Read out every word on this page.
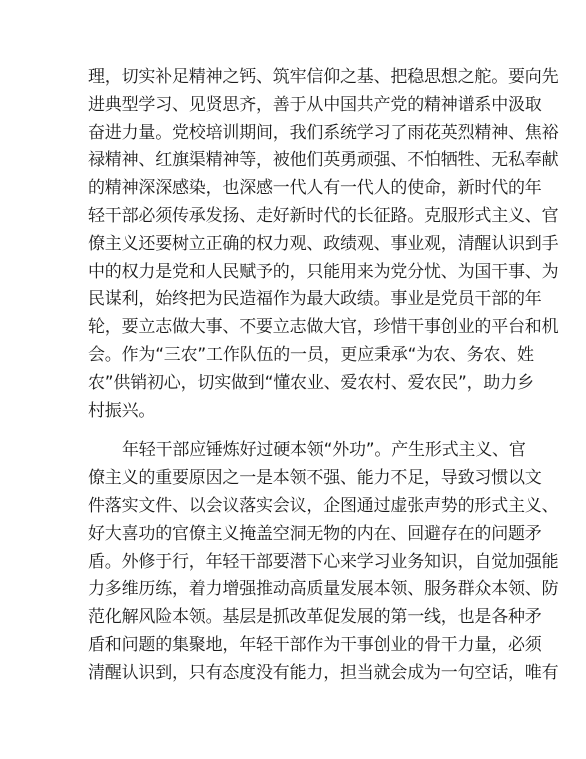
理，切实补足精神之钙、筑牢信仰之基、把稳思想之舵。要向先
进典型学习、见贤思齐，善于从中国共产党的精神谱系中汲取
奋进力量。党校培训期间，我们系统学习了雨花英烈精神、焦裕
禄精神、红旗渠精神等，被他们英勇顽强、不怕牺牲、无私奉献
的精神深深感染，也深感一代人有一代人的使命，新时代的年
轻干部必须传承发扬、走好新时代的长征路。克服形式主义、官
僚主义还要树立正确的权力观、政绩观、事业观，清醒认识到手
中的权力是党和人民赋予的，只能用来为党分忧、为国干事、为
民谋利，始终把为民造福作为最大政绩。事业是党员干部的年
轮，要立志做大事、不要立志做大官，珍惜干事创业的平台和机
会。作为“三农”工作队伍的一员，更应秉承“为农、务农、姓
农”供销初心，切实做到“懂农业、爱农村、爱农民”，助力乡
村振兴。
年轻干部应锤炼好过硬本领“外功”。产生形式主义、官
僚主义的重要原因之一是本领不强、能力不足，导致习惯以文
件落实文件、以会议落实会议，企图通过虚张声势的形式主义、
好大喜功的官僚主义掩盖空洞无物的内在、回避存在的问题矛
盾。外修于行，年轻干部要潜下心来学习业务知识，自觉加强能
力多维历练，着力增强推动高质量发展本领、服务群众本领、防
范化解风险本领。基层是抓改革促发展的第一线，也是各种矛
盾和问题的集聚地，年轻干部作为干事创业的骨干力量，必须
清醒认识到，只有态度没有能力，担当就会成为一句空话，唯有
